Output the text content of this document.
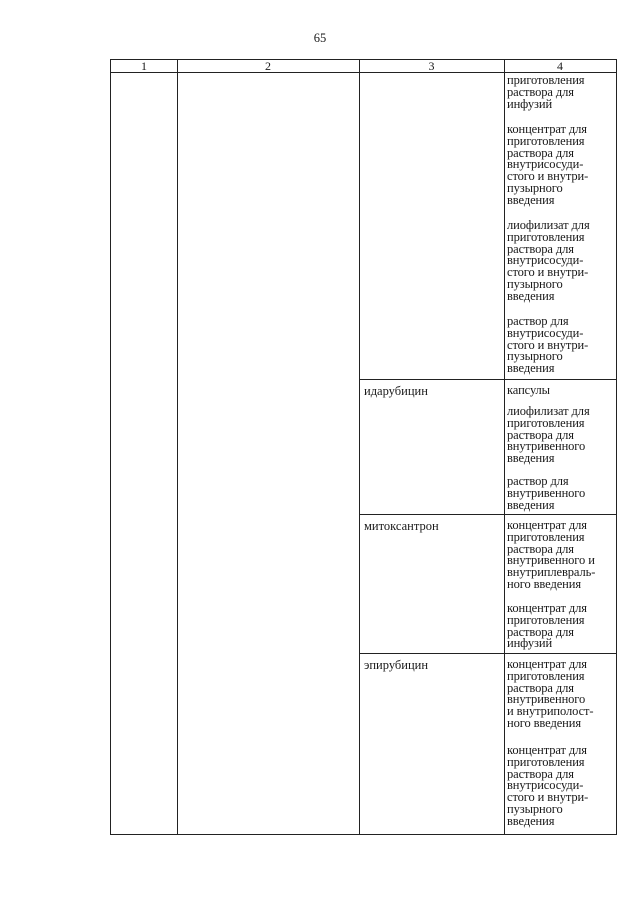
65
1	2	3	4
приготовления
раствора для
инфузий
концентрат для
приготовления
раствора для
внутрисосуди-
стого и внутри-
пузырного
введения
лиофилизат для
приготовления
раствора для
внутрисосуди-
стого и внутри-
пузырного
введения
раствор для
внутрисосуди-
стого и внутри-
пузырного
введения
идарубицин	капсулы
лиофилизат для
приготовления
раствора для
внутривенного
введения
раствор для
внутривенного
введения
митоксантрон	концентрат для
приготовления
раствора для
внутривенного и
внутриплевраль-
ного введения
концентрат для
приготовления
раствора для
инфузий
эпирубицин	концентрат для
приготовления
раствора для
внутривенного
и внутриполост-
ного введения
концентрат для
приготовления
раствора для
внутрисосуди-
стого и внутри-
пузырного
введения
